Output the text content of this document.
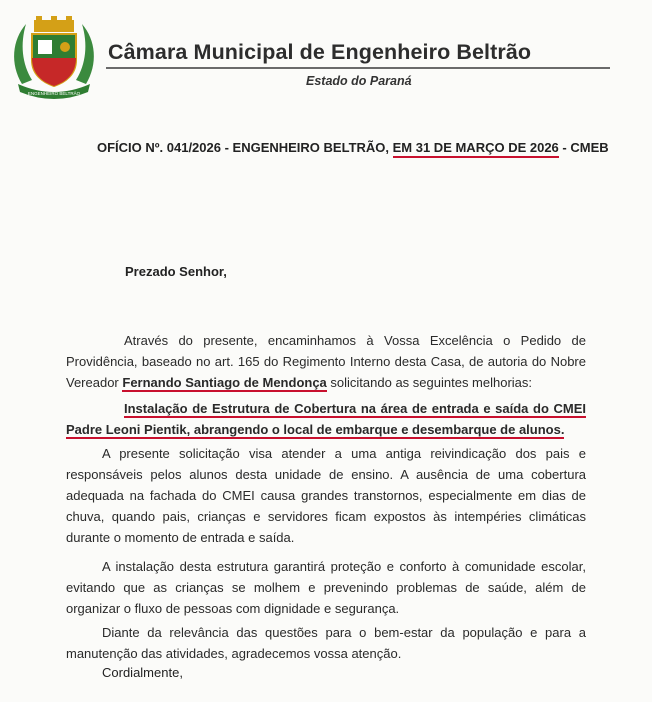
ENGENHEIRO BELTRÃO
Câmara Municipal de Engenheiro Beltrão
Estado do Paraná
OFÍCIO Nº. 041/2026 - ENGENHEIRO BELTRÃO, EM 31 DE MARÇO DE 2026 - CMEB
Prezado Senhor,
Através do presente, encaminhamos à Vossa Excelência o Pedido de Providência, baseado no art. 165 do Regimento Interno desta Casa, de autoria do Nobre Vereador Fernando Santiago de Mendonça solicitando as seguintes melhorias:
Instalação de Estrutura de Cobertura na área de entrada e saída do CMEI Padre Leoni Pientik, abrangendo o local de embarque e desembarque de alunos.
A presente solicitação visa atender a uma antiga reivindicação dos pais e responsáveis pelos alunos desta unidade de ensino. A ausência de uma cobertura adequada na fachada do CMEI causa grandes transtornos, especialmente em dias de chuva, quando pais, crianças e servidores ficam expostos às intempéries climáticas durante o momento de entrada e saída.
A instalação desta estrutura garantirá proteção e conforto à comunidade escolar, evitando que as crianças se molhem e prevenindo problemas de saúde, além de organizar o fluxo de pessoas com dignidade e segurança.
Diante da relevância das questões para o bem-estar da população e para a manutenção das atividades, agradecemos vossa atenção.
Cordialmente,
